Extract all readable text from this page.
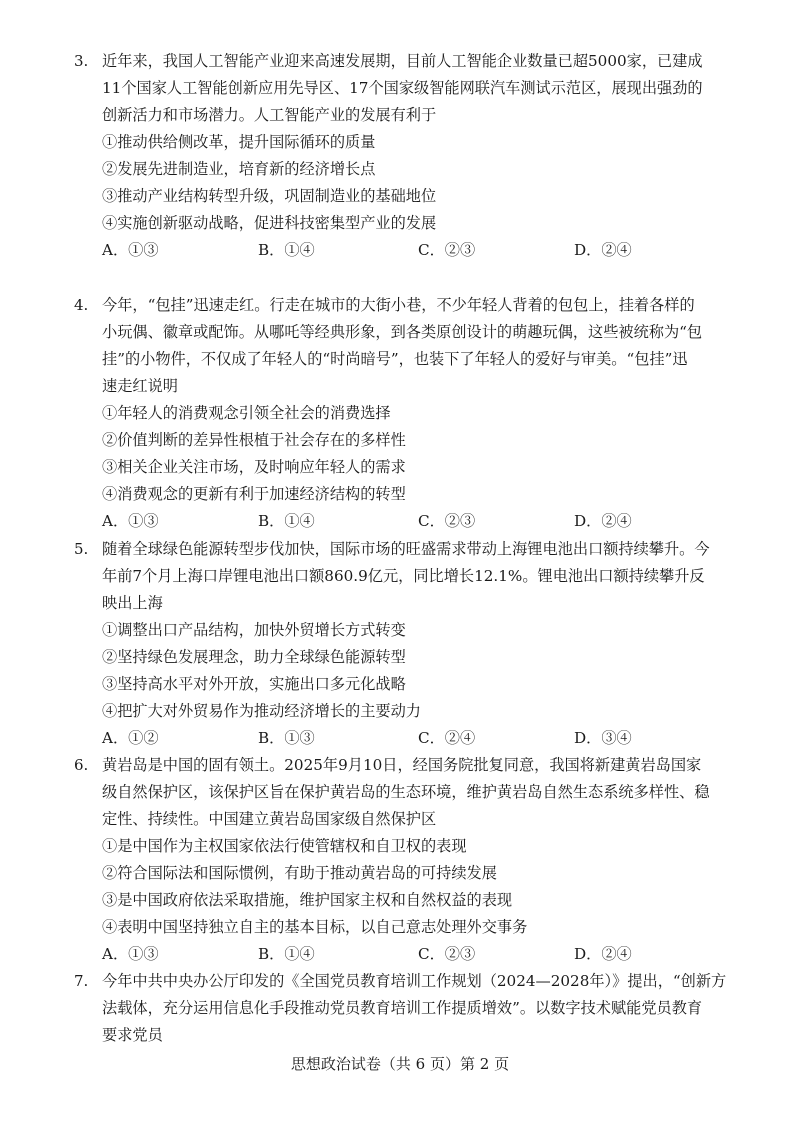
3. 近年来，我国人工智能产业迎来高速发展期，目前人工智能企业数量已超5000家，已建成
11个国家人工智能创新应用先导区、17个国家级智能网联汽车测试示范区，展现出强劲的
创新活力和市场潜力。人工智能产业的发展有利于
①推动供给侧改革，提升国际循环的质量
②发展先进制造业，培育新的经济增长点
③推动产业结构转型升级，巩固制造业的基础地位
④实施创新驱动战略，促进科技密集型产业的发展
A．①③	B．①④	C．②③	D．②④
4. 今年，“包挂”迅速走红。行走在城市的大街小巷，不少年轻人背着的包包上，挂着各样的
小玩偶、徽章或配饰。从哪吒等经典形象，到各类原创设计的萌趣玩偶，这些被统称为“包
挂”的小物件，不仅成了年轻人的“时尚暗号”，也装下了年轻人的爱好与审美。“包挂”迅
速走红说明
①年轻人的消费观念引领全社会的消费选择
②价值判断的差异性根植于社会存在的多样性
③相关企业关注市场，及时响应年轻人的需求
④消费观念的更新有利于加速经济结构的转型
A．①③	B．①④	C．②③	D．②④
5. 随着全球绿色能源转型步伐加快，国际市场的旺盛需求带动上海锂电池出口额持续攀升。今
年前7个月上海口岸锂电池出口额860.9亿元，同比增长12.1%。锂电池出口额持续攀升反
映出上海
①调整出口产品结构，加快外贸增长方式转变
②坚持绿色发展理念，助力全球绿色能源转型
③坚持高水平对外开放，实施出口多元化战略
④把扩大对外贸易作为推动经济增长的主要动力
A．①②	B．①③	C．②④	D．③④
6. 黄岩岛是中国的固有领土。2025年9月10日，经国务院批复同意，我国将新建黄岩岛国家
级自然保护区，该保护区旨在保护黄岩岛的生态环境，维护黄岩岛自然生态系统多样性、稳
定性、持续性。中国建立黄岩岛国家级自然保护区
①是中国作为主权国家依法行使管辖权和自卫权的表现
②符合国际法和国际惯例，有助于推动黄岩岛的可持续发展
③是中国政府依法采取措施，维护国家主权和自然权益的表现
④表明中国坚持独立自主的基本目标，以自己意志处理外交事务
A．①③	B．①④	C．②③	D．②④
7. 今年中共中央办公厅印发的《全国党员教育培训工作规划（2024—2028年）》提出，“创新方
法载体，充分运用信息化手段推动党员教育培训工作提质增效”。以数字技术赋能党员教育
要求党员
思想政治试卷（共 6 页）第 2 页
